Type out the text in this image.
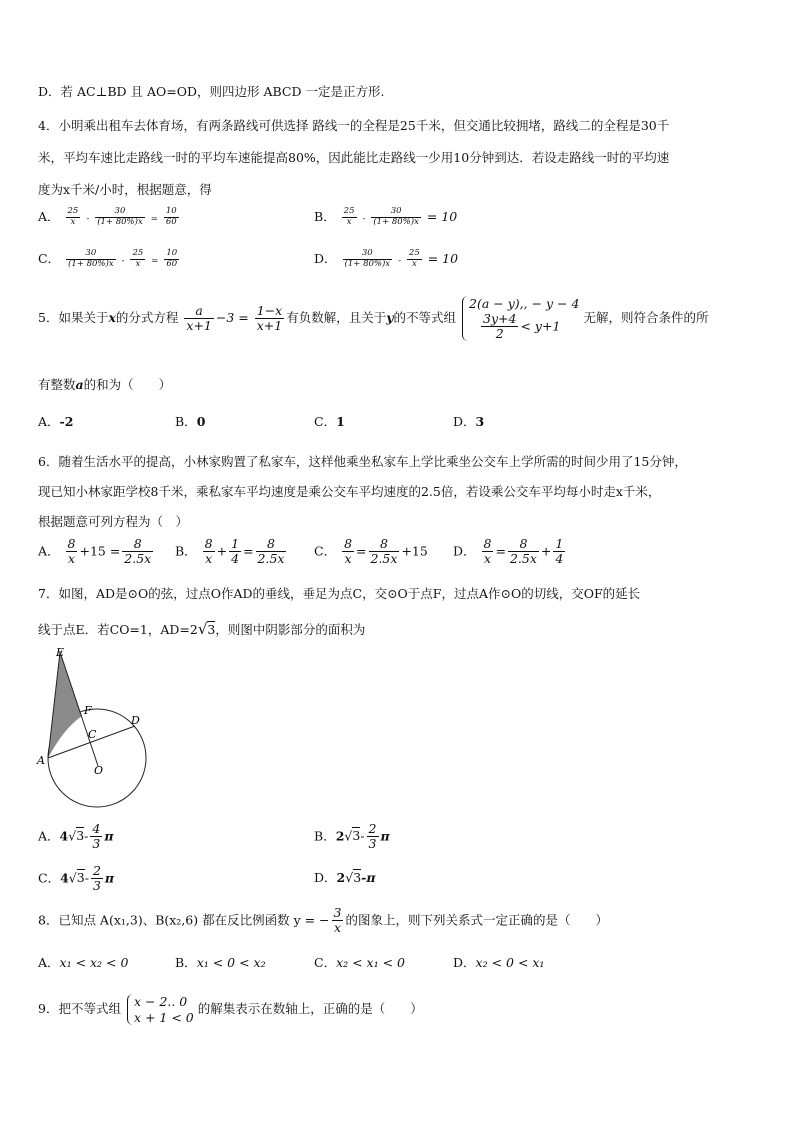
D．若 AC⊥BD 且 AO=OD，则四边形 ABCD 一定是正方形.
4．小明乘出租车去体育场，有两条路线可供选择 路线一的全程是25千米，但交通比较拥堵，路线二的全程是30千
米，平均车速比走路线一时的平均车速能提高80%，因此能比走路线一少用10分钟到达．若设走路线一时的平均速
度为x千米/小时，根据题意，得
A． $\frac{25}{x} - \frac{30}{(1+ 80\%)x} = \frac{10}{60}$	B． $\frac{25}{x} - \frac{30}{(1+ 80\%)x} = 10$
C． $\frac{30}{(1+ 80\%)x} - \frac{25}{x} = \frac{10}{60}$	D． $\frac{30}{(1+ 80\%)x} - \frac{25}{x} = 10$
5．如果关于x的分式方程 $\frac{a}{x+1} -3 = \frac{1-x}{x+1}$ 有负数解，且关于y的不等式组
2(a − y),, − y − 4
$\frac{3y+4}{2} < y+1$
无解，则符合条件的所
有整数a的和为（　　）
A．-2	B．0	C．1	D．3
6．随着生活水平的提高，小林家购置了私家车，这样他乘坐私家车上学比乘坐公交车上学所需的时间少用了15分钟，
现已知小林家距学校8千米，乘私家车平均速度是乘公交车平均速度的2.5倍，若设乘公交车平均每小时走x千米，
根据题意可列方程为（　）
A． $\frac{8}{x} +15 = \frac{8}{2.5x}$ B． $\frac{8}{x} + \frac{1}{4} = \frac{8}{2.5x}$ C． $\frac{8}{x} = \frac{8}{2.5x} +15$ D． $\frac{8}{x} = \frac{8}{2.5x} + \frac{1}{4}$
7．如图，AD是⊙O的弦，过点O作AD的垂线，垂足为点C，交⊙O于点F，过点A作⊙O的切线，交OF的延长
线于点E．若CO=1，AD=2√3，则图中阴影部分的面积为
E
F
D
C
A
O
A．$4√3- \frac{4}{3}$ π	B．$2√3- \frac{2}{3}$ π
C．$4√3- \frac{2}{3}$ π	D．2√3-π
8．已知点 A(x₁,3)、B(x₂,6) 都在反比例函数 y = − $\frac{3}{x}$ 的图象上，则下列关系式一定正确的是（　　）
A．x₁ < x₂ < 0	B．x₁ < 0 < x₂	C．x₂ < x₁ < 0	D．x₂ < 0 < x₁
9．把不等式组 x − 2.. 0
x + 1 < 0
的解集表示在数轴上，正确的是（　　）
